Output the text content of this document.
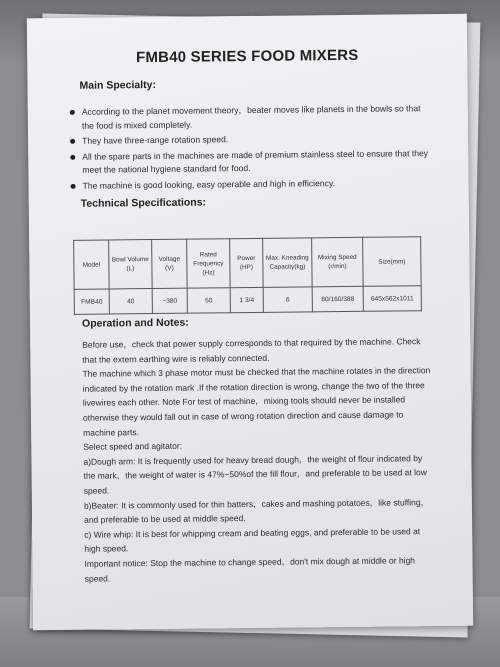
FMB40 SERIES FOOD MIXERS
Main Specialty:
According to the planet movement theory，beater moves like planets in the bowls so that the food is mixed completely.
They have three-range rotation speed.
All the spare parts in the machines are made of premium stainless steel to ensure that they meet the national hygiene standard for food.
The machine is good looking, easy operable and high in efficiency.
Technical Specifications:
Model	Bowl Volume (L)	Voltage (V)	Rated Frequency (Hz)	Power (HP)	Max. Kneading Capacity(kg)	Mixing Speed (r/min)	Size(mm)
FMB40	40	~380	50	1 3/4	6	80/160/388	645x562x1011
Operation and Notes:

Before use，check that power supply corresponds to that required by the machine. Check that the extern earthing wire is reliably connected.

The machine which 3 phase motor must be checked that the machine rotates in the direction indicated by the rotation mark .If the rotation direction is wrong, change the two of the three livewires each other. Note For test of machine，mixing tools should never be installed otherwise they would fall out in case of wrong rotation direction and cause damage to machine parts.

Select speed and agitator:

a)Dough arm: It is frequently used for heavy bread dough，the weight of flour indicated by the mark，the weight of water is 47%~50%of the fill flour，and preferable to be used at low speed.

b)Beater: It is commonly used for thin batters，cakes and mashing potatoes，like stuffing，and preferable to be used at middle speed.

c) Wire whip: It is best for whipping cream and beating eggs, and preferable to be used at high speed.

Important notice: Stop the machine to change speed，don't mix dough at middle or high speed.
